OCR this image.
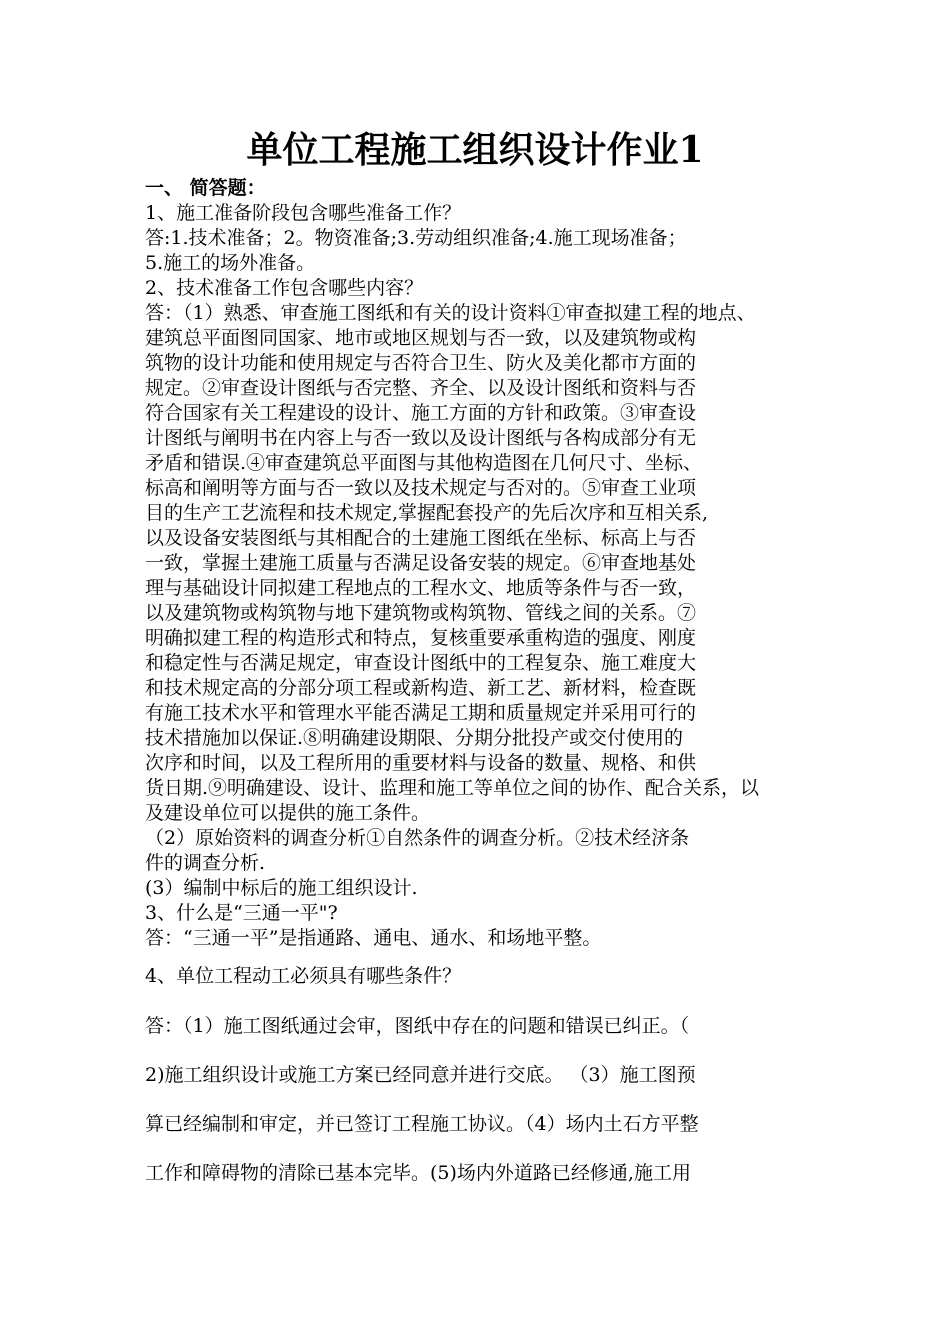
单位工程施工组织设计作业1
一、 简答题：
1、施工准备阶段包含哪些准备工作？
答:1.技术准备；2。物资准备;3.劳动组织准备;4.施工现场准备；
5.施工的场外准备。
2、技术准备工作包含哪些内容？
答：（1）熟悉、审查施工图纸和有关的设计资料①审查拟建工程的地点、
建筑总平面图同国家、地市或地区规划与否一致，以及建筑物或构
筑物的设计功能和使用规定与否符合卫生、防火及美化都市方面的
规定。②审查设计图纸与否完整、齐全、以及设计图纸和资料与否
符合国家有关工程建设的设计、施工方面的方针和政策。③审查设
计图纸与阐明书在内容上与否一致以及设计图纸与各构成部分有无
矛盾和错误.④审查建筑总平面图与其他构造图在几何尺寸、坐标、
标高和阐明等方面与否一致以及技术规定与否对的。⑤审查工业项
目的生产工艺流程和技术规定,掌握配套投产的先后次序和互相关系,
以及设备安装图纸与其相配合的土建施工图纸在坐标、标高上与否
一致，掌握土建施工质量与否满足设备安装的规定。⑥审查地基处
理与基础设计同拟建工程地点的工程水文、地质等条件与否一致，
以及建筑物或构筑物与地下建筑物或构筑物、管线之间的关系。⑦
明确拟建工程的构造形式和特点，复核重要承重构造的强度、刚度
和稳定性与否满足规定，审查设计图纸中的工程复杂、施工难度大
和技术规定高的分部分项工程或新构造、新工艺、新材料，检查既
有施工技术水平和管理水平能否满足工期和质量规定并采用可行的
技术措施加以保证.⑧明确建设期限、分期分批投产或交付使用的
次序和时间，以及工程所用的重要材料与设备的数量、规格、和供
货日期.⑨明确建设、设计、监理和施工等单位之间的协作、配合关系，以
及建设单位可以提供的施工条件。
（2）原始资料的调查分析①自然条件的调查分析。②技术经济条
件的调查分析.
(3）编制中标后的施工组织设计.
3、什么是“三通一平"?
答：“三通一平”是指通路、通电、通水、和场地平整。
4、单位工程动工必须具有哪些条件？
答：（1）施工图纸通过会审，图纸中存在的问题和错误已纠正。（
2)施工组织设计或施工方案已经同意并进行交底。 （3）施工图预
算已经编制和审定，并已签订工程施工协议。（4）场内土石方平整
工作和障碍物的清除已基本完毕。(5)场内外道路已经修通,施工用
